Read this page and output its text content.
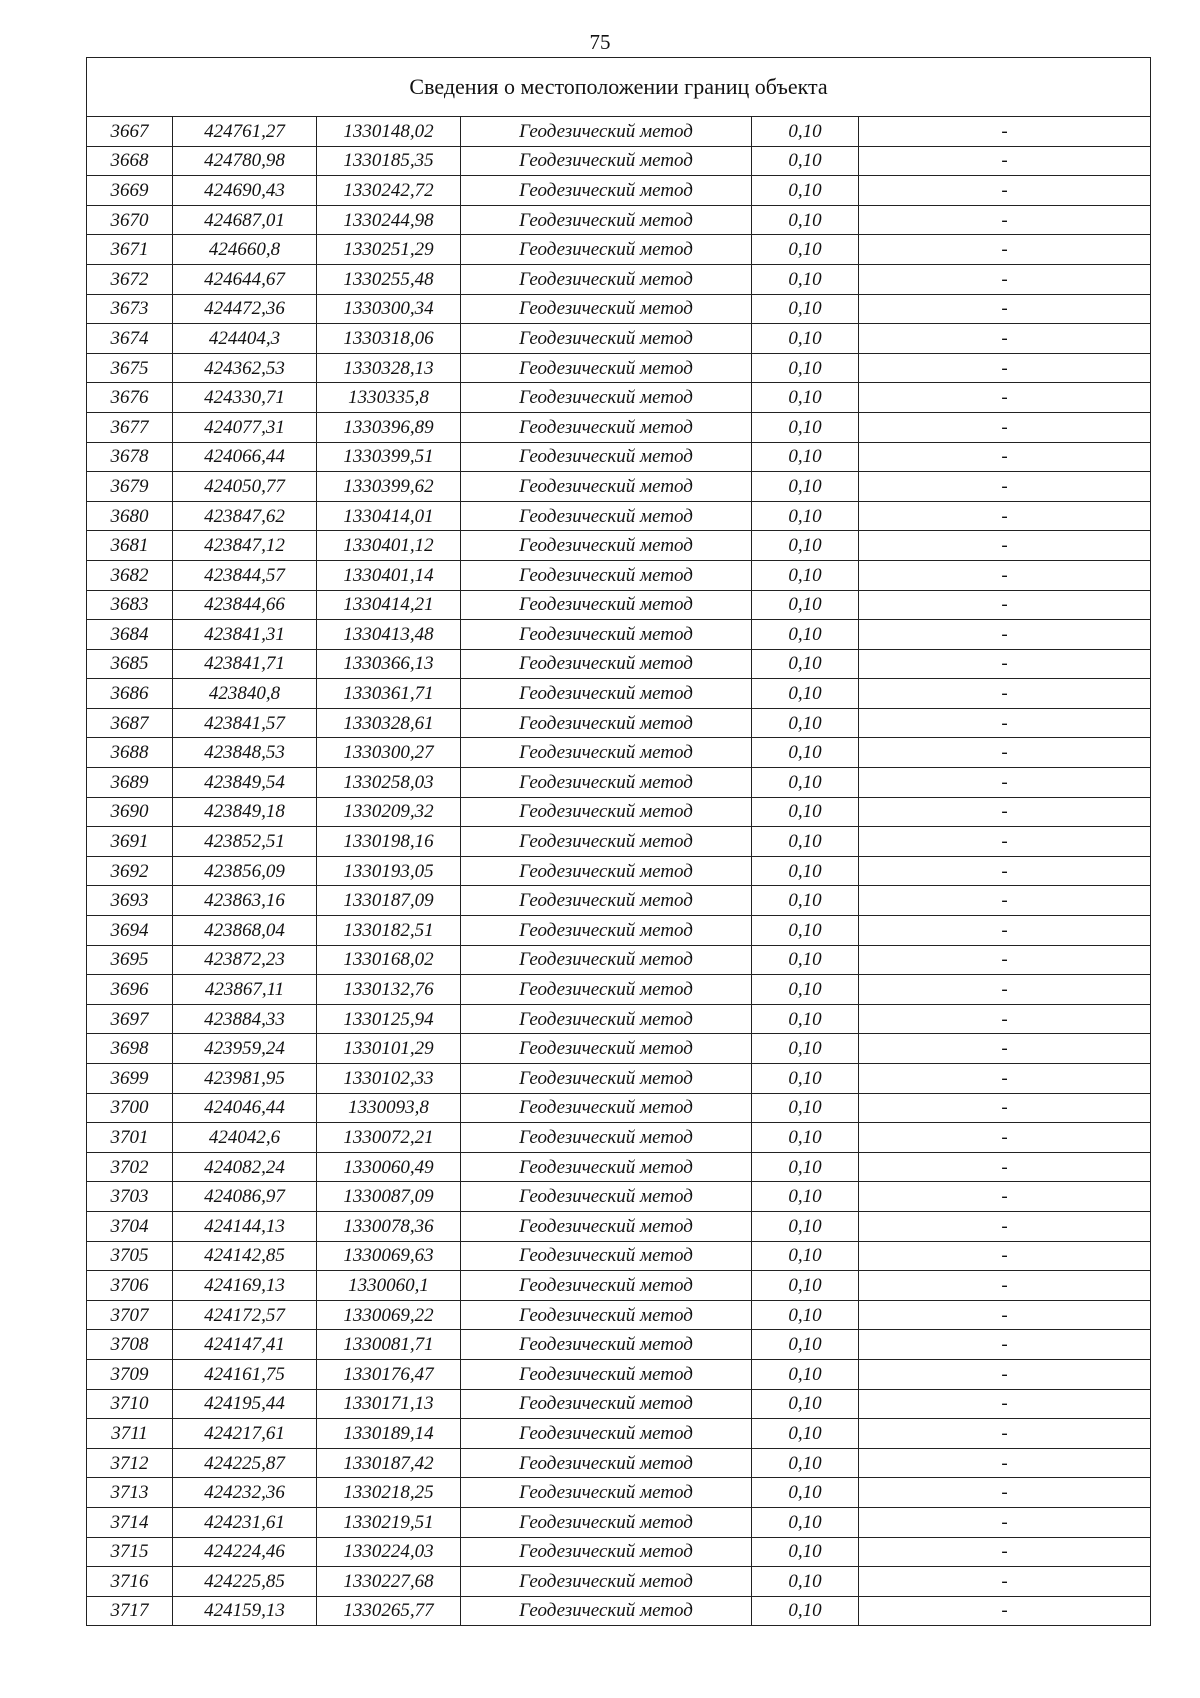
75
Сведения о местоположении границ объекта					
3667	424761,27	1330148,02	Геодезический метод	0,10	-
3668	424780,98	1330185,35	Геодезический метод	0,10	-
3669	424690,43	1330242,72	Геодезический метод	0,10	-
3670	424687,01	1330244,98	Геодезический метод	0,10	-
3671	424660,8	1330251,29	Геодезический метод	0,10	-
3672	424644,67	1330255,48	Геодезический метод	0,10	-
3673	424472,36	1330300,34	Геодезический метод	0,10	-
3674	424404,3	1330318,06	Геодезический метод	0,10	-
3675	424362,53	1330328,13	Геодезический метод	0,10	-
3676	424330,71	1330335,8	Геодезический метод	0,10	-
3677	424077,31	1330396,89	Геодезический метод	0,10	-
3678	424066,44	1330399,51	Геодезический метод	0,10	-
3679	424050,77	1330399,62	Геодезический метод	0,10	-
3680	423847,62	1330414,01	Геодезический метод	0,10	-
3681	423847,12	1330401,12	Геодезический метод	0,10	-
3682	423844,57	1330401,14	Геодезический метод	0,10	-
3683	423844,66	1330414,21	Геодезический метод	0,10	-
3684	423841,31	1330413,48	Геодезический метод	0,10	-
3685	423841,71	1330366,13	Геодезический метод	0,10	-
3686	423840,8	1330361,71	Геодезический метод	0,10	-
3687	423841,57	1330328,61	Геодезический метод	0,10	-
3688	423848,53	1330300,27	Геодезический метод	0,10	-
3689	423849,54	1330258,03	Геодезический метод	0,10	-
3690	423849,18	1330209,32	Геодезический метод	0,10	-
3691	423852,51	1330198,16	Геодезический метод	0,10	-
3692	423856,09	1330193,05	Геодезический метод	0,10	-
3693	423863,16	1330187,09	Геодезический метод	0,10	-
3694	423868,04	1330182,51	Геодезический метод	0,10	-
3695	423872,23	1330168,02	Геодезический метод	0,10	-
3696	423867,11	1330132,76	Геодезический метод	0,10	-
3697	423884,33	1330125,94	Геодезический метод	0,10	-
3698	423959,24	1330101,29	Геодезический метод	0,10	-
3699	423981,95	1330102,33	Геодезический метод	0,10	-
3700	424046,44	1330093,8	Геодезический метод	0,10	-
3701	424042,6	1330072,21	Геодезический метод	0,10	-
3702	424082,24	1330060,49	Геодезический метод	0,10	-
3703	424086,97	1330087,09	Геодезический метод	0,10	-
3704	424144,13	1330078,36	Геодезический метод	0,10	-
3705	424142,85	1330069,63	Геодезический метод	0,10	-
3706	424169,13	1330060,1	Геодезический метод	0,10	-
3707	424172,57	1330069,22	Геодезический метод	0,10	-
3708	424147,41	1330081,71	Геодезический метод	0,10	-
3709	424161,75	1330176,47	Геодезический метод	0,10	-
3710	424195,44	1330171,13	Геодезический метод	0,10	-
3711	424217,61	1330189,14	Геодезический метод	0,10	-
3712	424225,87	1330187,42	Геодезический метод	0,10	-
3713	424232,36	1330218,25	Геодезический метод	0,10	-
3714	424231,61	1330219,51	Геодезический метод	0,10	-
3715	424224,46	1330224,03	Геодезический метод	0,10	-
3716	424225,85	1330227,68	Геодезический метод	0,10	-
3717	424159,13	1330265,77	Геодезический метод	0,10	-
